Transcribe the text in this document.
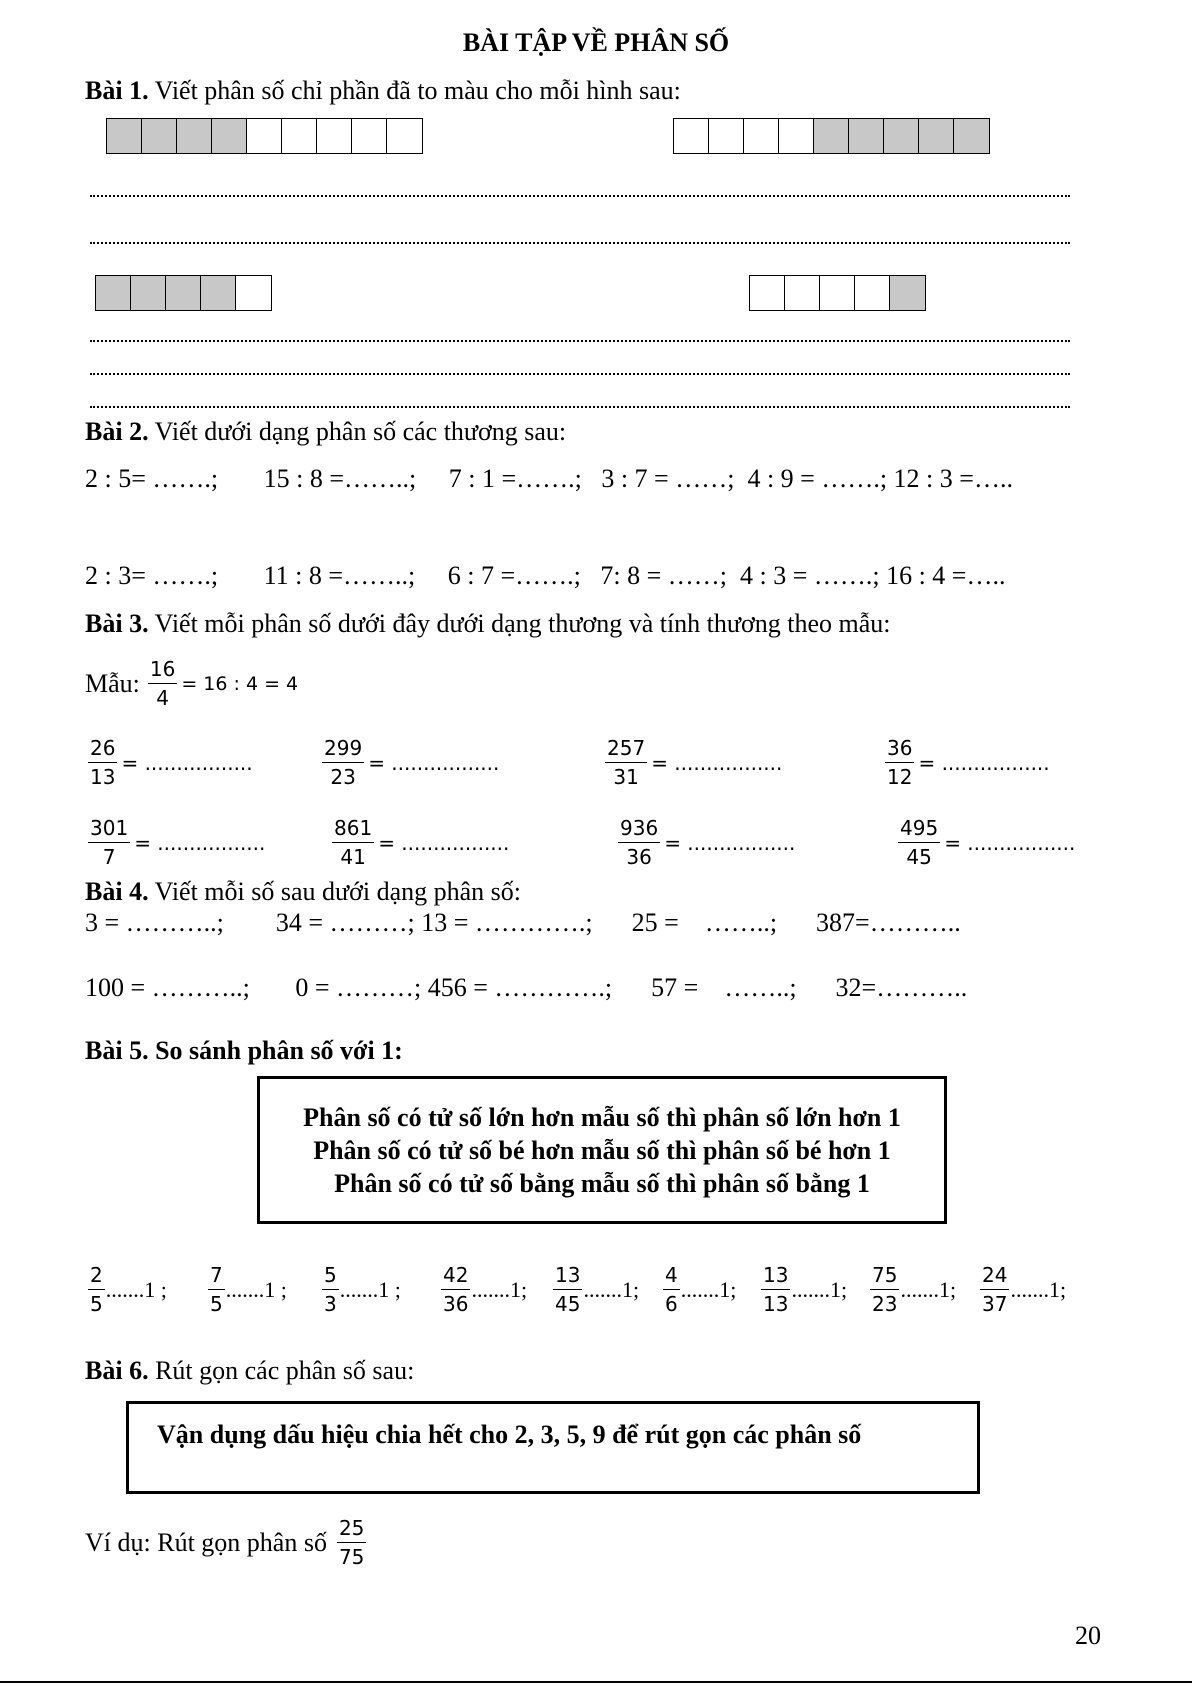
BÀI TẬP VỀ PHÂN SỐ
Bài 1. Viết phân số chỉ phần đã to màu cho mỗi hình sau:
Bài 2. Viết dưới dạng phân số các thương sau:
2 : 5= …….;       15 : 8 =……..;     7 : 1 =…….;   3 : 7 = ……;  4 : 9 = …….; 12 : 3 =…..
2 : 3= …….;       11 : 8 =……..;     6 : 7 =…….;   7: 8 = ……;  4 : 3 = …….; 16 : 4 =…..
Bài 3. Viết mỗi phân số dưới đây dưới dạng thương và tính thương theo mẫu:
Mẫu: $\frac{16}{4} = 16$ : 4 = 4
$\frac{26}{13}$ = .................	$\frac{299}{23}$ = .................	$\frac{257}{31}$ = .................	$\frac{36}{12}$ = .................
$\frac{301}{7}$ = .................	$\frac{861}{41}$ = .................	$\frac{936}{36}$ = .................	$\frac{495}{45}$ = .................
Bài 4. Viết mỗi số sau dưới dạng phân số:
3 = ………..;        34 = ………; 13 = ………….;      25 =    ……..;      387=………..
100 = ………..;       0 = ………; 456 = ………….;      57 =    ……..;      32=………..
Bài 5. So sánh phân số với 1:
Phân số có tử số lớn hơn mẫu số thì phân số lớn hơn 1
Phân số có tử số bé hơn mẫu số thì phân số bé hơn 1
Phân số có tử số bằng mẫu số thì phân số bằng 1
$\frac{2}{5} .......1$ ; $\frac{7}{5} .......1$ ; $\frac{5}{3} .......1$ ; $\frac{42}{36} .......1$; $\frac{13}{45} .......1$; $\frac{4}{6} .......1$; $\frac{13}{13} .......1$; $\frac{75}{23} .......1$; $\frac{24}{37} .......1$;
Bài 6. Rút gọn các phân số sau:
Vận dụng dấu hiệu chia hết cho 2, 3, 5, 9 để rút gọn các phân số
Ví dụ: Rút gọn phân số $\frac{25}{75}$
20
